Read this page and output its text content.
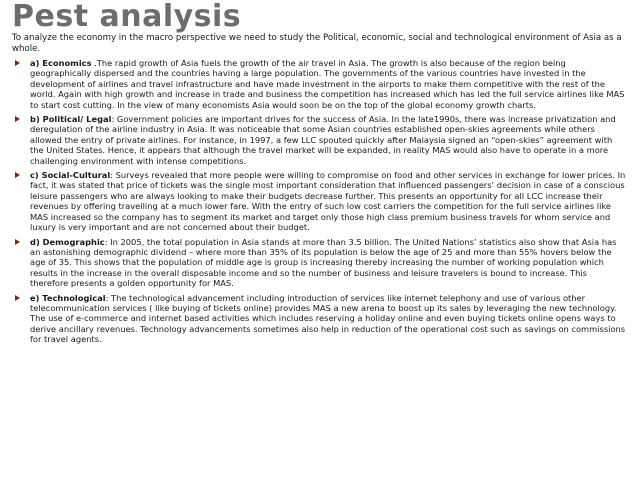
Pest analysis

To analyze the economy in the macro perspective we need to study the Political, economic, social and technological environment of Asia as a whole.

a) Economics .The rapid growth of Asia fuels the growth of the air travel in Asia. The growth is also because of the region being geographically dispersed and the countries having a large population. The governments of the various countries have invested in the development of airlines and travel infrastructure and have made investment in the airports to make them competitive with the rest of the world. Again with high growth and increase in trade and business the competition has increased which has led the full service airlines like MAS to start cost cutting. In the view of many economists Asia would soon be on the top of the global economy growth charts.
b) Political/ Legal: Government policies are important drives for the success of Asia. In the late1990s, there was increase privatization and deregulation of the airline industry in Asia. It was noticeable that some Asian countries established open-skies agreements while others allowed the entry of private airlines. For instance, in 1997, a few LLC spouted quickly after Malaysia signed an “open-skies” agreement with the United States. Hence, it appears that although the travel market will be expanded, in reality MAS would also have to operate in a more challenging environment with intense competitions.
c) Social-Cultural: Surveys revealed that more people were willing to compromise on food and other services in exchange for lower prices. In fact, it was stated that price of tickets was the single most important consideration that influenced passengers’ decision in case of a conscious leisure passengers who are always looking to make their budgets decrease further. This presents an opportunity for all LCC increase their revenues by offering travelling at a much lower fare. With the entry of such low cost carriers the competition for the full service airlines like MAS increased so the company has to segment its market and target only those high class premium business travels for whom service and luxury is very important and are not concerned about their budget.
d) Demographic: In 2005, the total population in Asia stands at more than 3.5 billion. The United Nations’ statistics also show that Asia has an astonishing demographic dividend – where more than 35% of its population is below the age of 25 and more than 55% hovers below the age of 35. This shows that the population of middle age is group is increasing thereby increasing the number of working population which results in the increase in the overall disposable income and so the number of business and leisure travelers is bound to increase. This therefore presents a golden opportunity for MAS.
e) Technological: The technological advancement including introduction of services like internet telephony and use of various other telecommunication services ( like buying of tickets online) provides MAS a new arena to boost up its sales by leveraging the new technology. The use of e-commerce and internet based activities which includes reserving a holiday online and even buying tickets online opens ways to derive ancillary revenues. Technology advancements sometimes also help in reduction of the operational cost such as savings on commissions for travel agents.
